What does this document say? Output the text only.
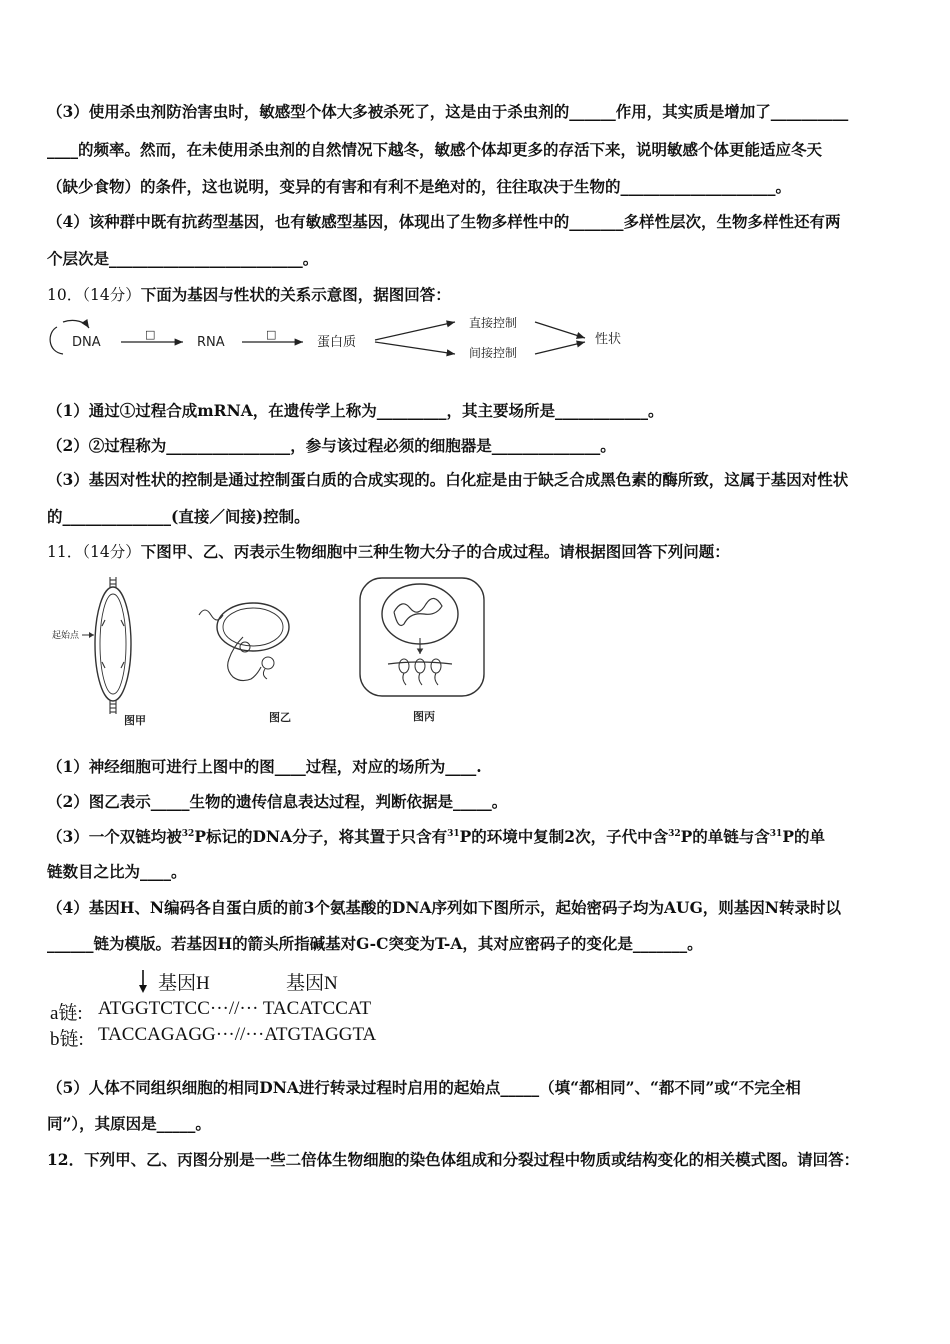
（3）使用杀虫剂防治害虫时，敏感型个体大多被杀死了，这是由于杀虫剂的______作用，其实质是增加了__________
____的频率。然而，在未使用杀虫剂的自然情况下越冬，敏感个体却更多的存活下来，说明敏感个体更能适应冬天
（缺少食物）的条件，这也说明，变异的有害和有利不是绝对的，往往取决于生物的____________________。
（4）该种群中既有抗药型基因，也有敏感型基因，体现出了生物多样性中的_______多样性层次，生物多样性还有两
个层次是_________________________。
10．（14分）下面为基因与性状的关系示意图，据图回答：
DNA
□
RNA
□
蛋白质
直接控制
间接控制
性状
（1）通过①过程合成mRNA，在遗传学上称为_________，其主要场所是____________。
（2）②过程称为________________，参与该过程必须的细胞器是______________。
（3）基因对性状的控制是通过控制蛋白质的合成实现的。白化症是由于缺乏合成黑色素的酶所致，这属于基因对性状
的______________(直接／间接)控制。
11．（14分）下图甲、乙、丙表示生物细胞中三种生物大分子的合成过程。请根据图回答下列问题：
起始点
图甲	图乙	图丙
（1）神经细胞可进行上图中的图____过程，对应的场所为____.
（2）图乙表示_____生物的遗传信息表达过程，判断依据是_____。
（3）一个双链均被$^{32}$P标记的DNA分子，将其置于只含有$^{31}$P的环境中复制2次，子代中含$^{32}$P的单链与含$^{31}$P的单
链数目之比为____。
（4）基因H、N编码各自蛋白质的前3个氨基酸的DNA序列如下图所示，起始密码子均为AUG，则基因N转录时以
______链为模版。若基因H的箭头所指碱基对G-C突变为T-A，其对应密码子的变化是_______。
基因H	基因N
a链: ATGGTCTCC···//··· TACATCCAT
b链: TACCAGAGG···//···ATGTAGGTA
（5）人体不同组织细胞的相同DNA进行转录过程时启用的起始点_____（填“都相同”、“都不同”或“不完全相
同”），其原因是_____。
12．下列甲、乙、丙图分别是一些二倍体生物细胞的染色体组成和分裂过程中物质或结构变化的相关模式图。请回答：
